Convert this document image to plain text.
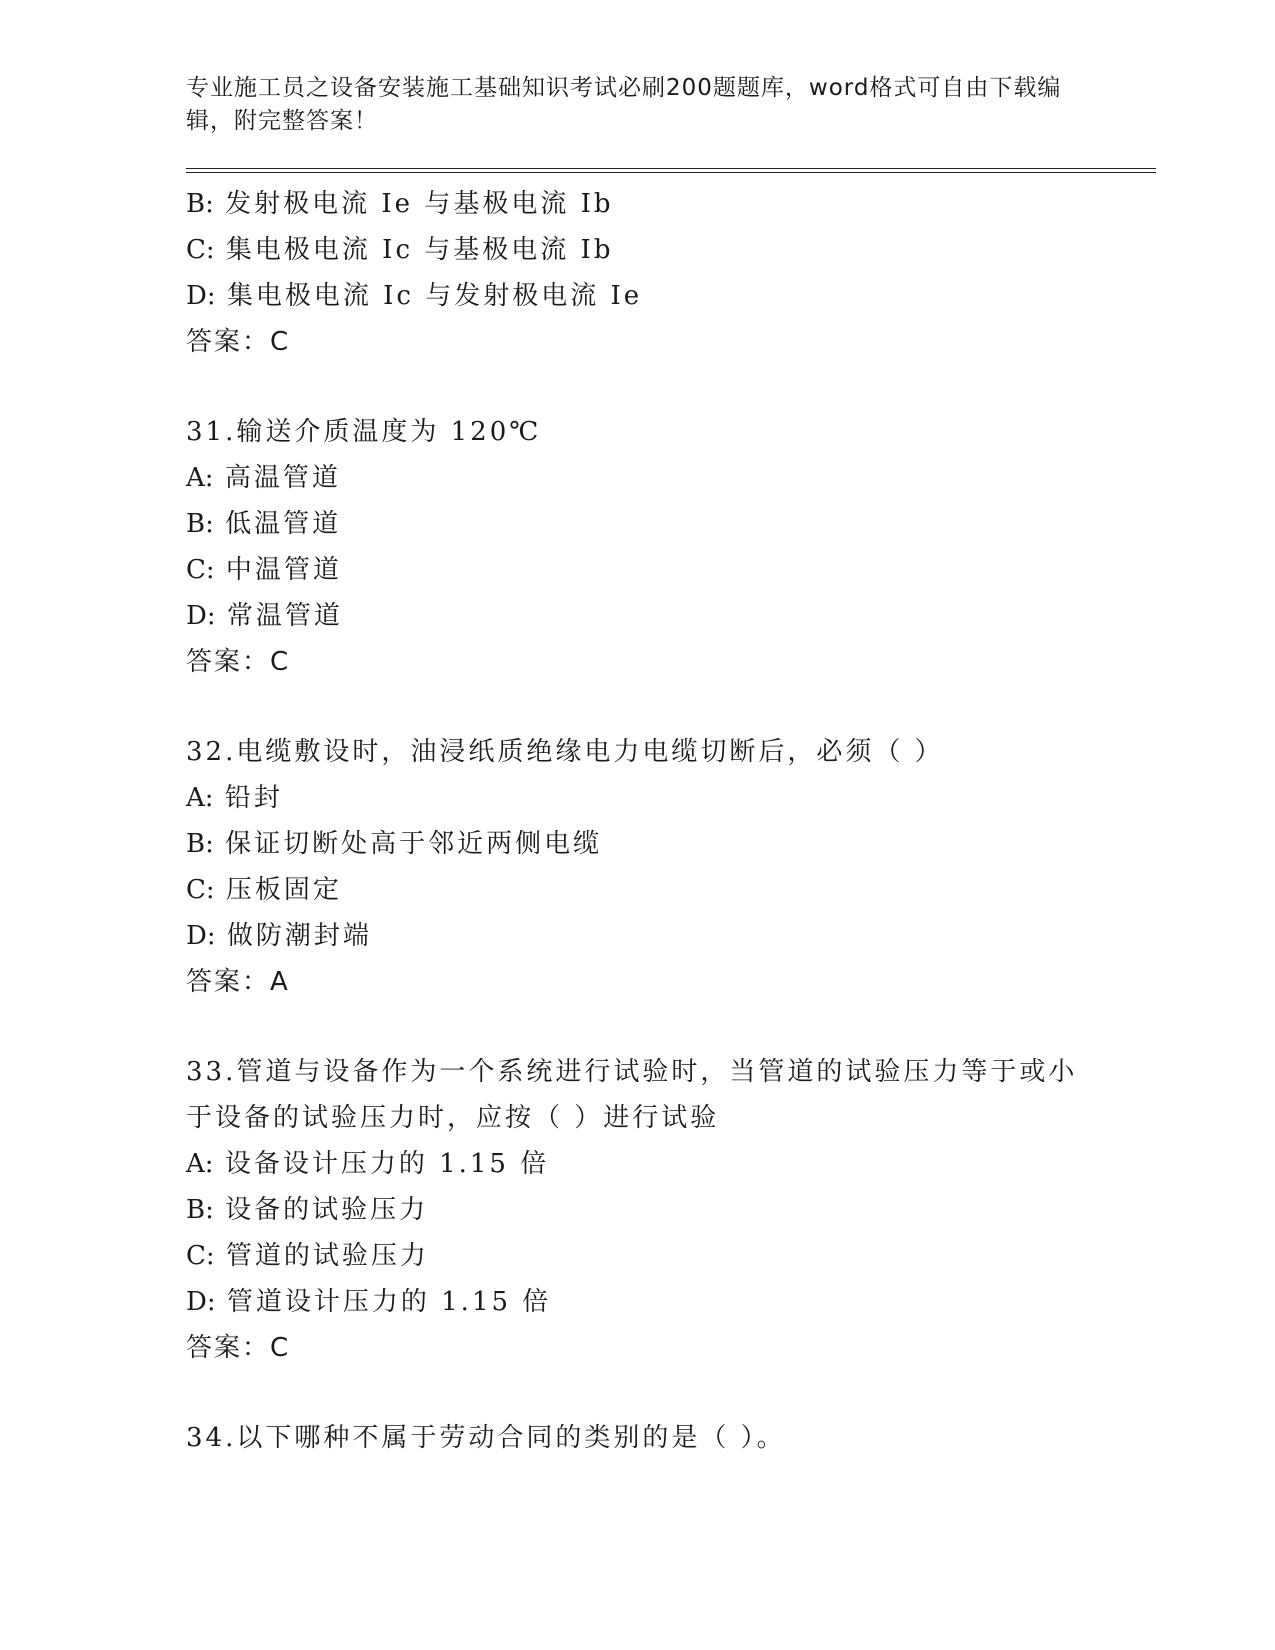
专业施工员之设备安装施工基础知识考试必刷200题题库，word格式可自由下载编辑，附完整答案！

B: 发射极电流 Ie 与基极电流 Ib

C: 集电极电流 Ic 与基极电流 Ib

D: 集电极电流 Ic 与发射极电流 Ie

答案：C

31.输送介质温度为 120℃

A: 高温管道

B: 低温管道

C: 中温管道

D: 常温管道

答案：C

32.电缆敷设时，油浸纸质绝缘电力电缆切断后，必须（ ）

A: 铅封

B: 保证切断处高于邻近两侧电缆

C: 压板固定

D: 做防潮封端

答案：A

33.管道与设备作为一个系统进行试验时，当管道的试验压力等于或小于设备的试验压力时，应按（ ）进行试验

A: 设备设计压力的 1.15 倍

B: 设备的试验压力

C: 管道的试验压力

D: 管道设计压力的 1.15 倍

答案：C

34.以下哪种不属于劳动合同的类别的是（ ）。
